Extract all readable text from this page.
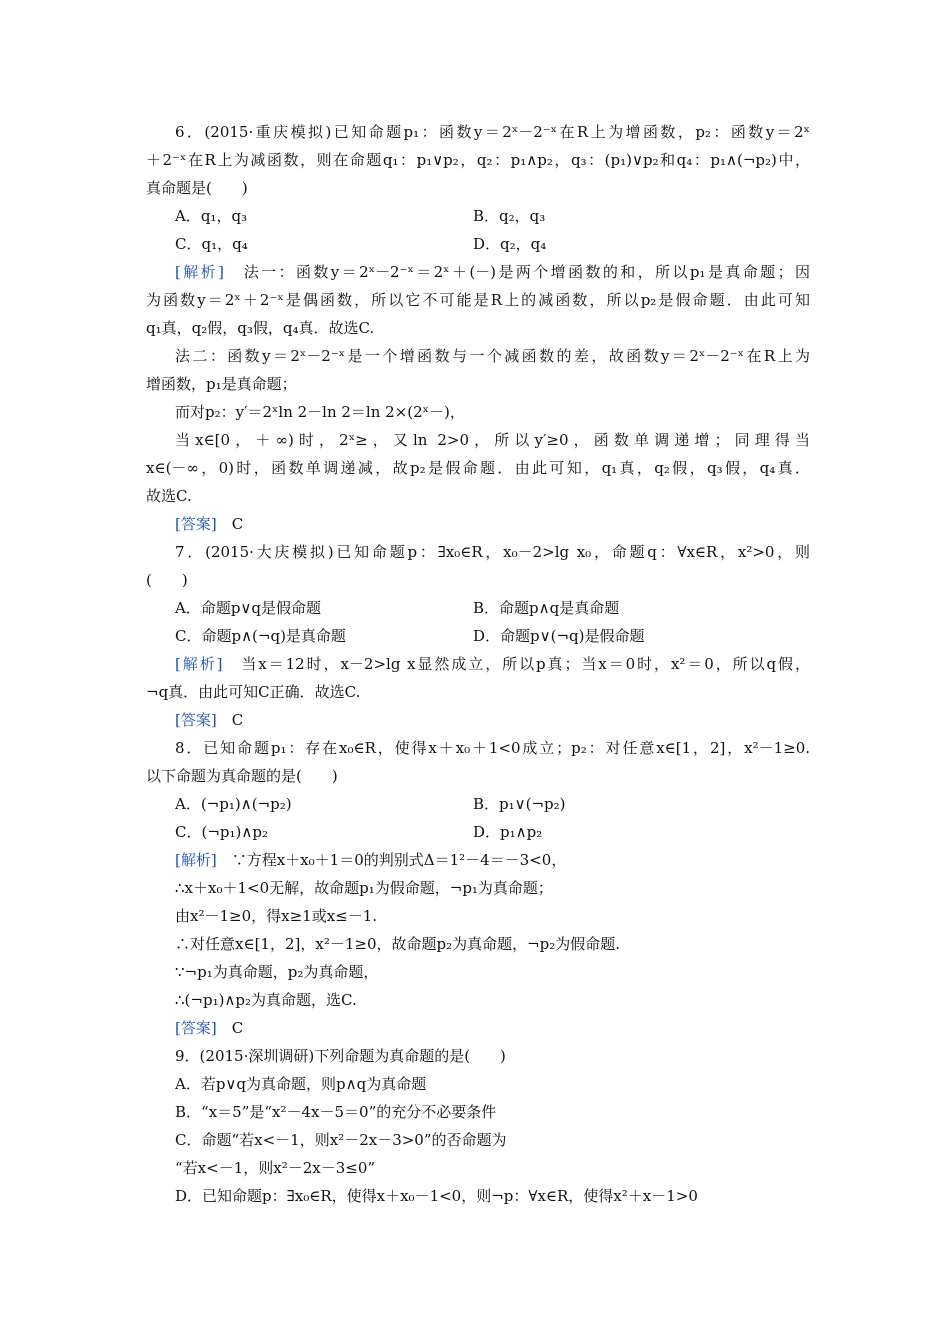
6．(2015·重庆模拟)已知命题p₁：函数y＝2ˣ－2⁻ˣ在R上为增函数，p₂：函数y＝2ˣ
＋2⁻ˣ在R上为减函数，则在命题q₁：p₁∨p₂，q₂：p₁∧p₂，q₃：(p₁)∨p₂和q₄：p₁∧(¬p₂)中，
真命题是(　　)
A．q₁，q₃	B．q₂，q₃
C．q₁，q₄	D．q₂，q₄
[解析]　法一：函数y＝2ˣ－2⁻ˣ＝2ˣ＋(－)是两个增函数的和，所以p₁是真命题；因
为函数y＝2ˣ＋2⁻ˣ是偶函数，所以它不可能是R上的减函数，所以p₂是假命题．由此可知
q₁真，q₂假，q₃假，q₄真．故选C.
法二：函数y＝2ˣ－2⁻ˣ是一个增函数与一个减函数的差，故函数y＝2ˣ－2⁻ˣ在R上为
增函数，p₁是真命题；
而对p₂：y′＝2ˣln 2－ln 2＝ln 2×(2ˣ－)，
当x∈[0，＋∞)时，2ˣ≥，又ln 2>0，所以y′≥0，函数单调递增；同理得当
x∈(－∞，0)时，函数单调递减，故p₂是假命题．由此可知，q₁真，q₂假，q₃假，q₄真．
故选C.
[答案]　C
7．(2015·大庆模拟)已知命题p：∃x₀∈R，x₀－2>lg x₀，命题q：∀x∈R，x²>0，则
(　　)
A．命题p∨q是假命题	B．命题p∧q是真命题
C．命题p∧(¬q)是真命题	D．命题p∨(¬q)是假命题
[解析]　当x＝12时，x－2>lg x显然成立，所以p真；当x＝0时，x²＝0，所以q假，
¬q真．由此可知C正确．故选C.
[答案]　C
8．已知命题p₁：存在x₀∈R，使得x＋x₀＋1<0成立；p₂：对任意x∈[1，2]，x²－1≥0.
以下命题为真命题的是(　　)
A．(¬p₁)∧(¬p₂)	B．p₁∨(¬p₂)
C．(¬p₁)∧p₂	D．p₁∧p₂
[解析]　∵方程x＋x₀＋1＝0的判别式Δ＝1²－4＝－3<0，
∴x＋x₀＋1<0无解，故命题p₁为假命题，¬p₁为真命题；
由x²－1≥0，得x≥1或x≤－1.
∴对任意x∈[1，2]，x²－1≥0，故命题p₂为真命题，¬p₂为假命题.
∵¬p₁为真命题，p₂为真命题，
∴(¬p₁)∧p₂为真命题，选C.
[答案]　C
9．(2015·深圳调研)下列命题为真命题的是(　　)
A．若p∨q为真命题，则p∧q为真命题
B．“x＝5”是“x²－4x－5＝0”的充分不必要条件
C．命题“若x<－1，则x²－2x－3>0”的否命题为
“若x<－1，则x²－2x－3≤0”
D．已知命题p：∃x₀∈R，使得x＋x₀－1<0，则¬p：∀x∈R，使得x²＋x－1>0
